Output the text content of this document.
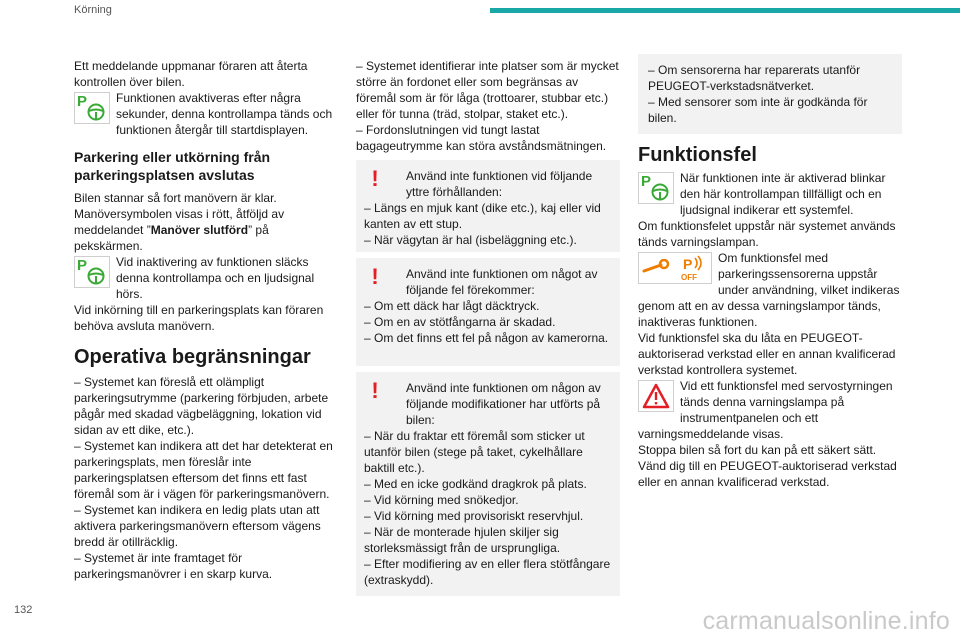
Körning

Ett meddelande uppmanar föraren att återta kontrollen över bilen.

P	Funktionen avaktiveras efter några sekunder, denna kontrollampa tänds och funktionen återgår till startdisplayen.

Parkering eller utkörning från parkeringsplatsen avslutas

Bilen stannar så fort manövern är klar. Manöversymbolen visas i rött, åtföljd av meddelandet ”Manöver slutförd” på pekskärmen.

P	Vid inaktivering av funktionen släcks denna kontrollampa och en ljudsignal hörs.

Vid inkörning till en parkeringsplats kan föraren behöva avsluta manövern.

Operativa begränsningar

– Systemet kan föreslå ett olämpligt parkeringsutrymme (parkering förbjuden, arbete pågår med skadad vägbeläggning, lokation vid sidan av ett dike, etc.).

– Systemet kan indikera att det har detekterat en parkeringsplats, men föreslår inte parkeringsplatsen eftersom det finns ett fast föremål som är i vägen för parkeringsmanövern.

– Systemet kan indikera en ledig plats utan att aktivera parkeringsmanövern eftersom vägens bredd är otillräcklig.

– Systemet är inte framtaget för parkeringsmanövrer i en skarp kurva.

– Systemet identifierar inte platser som är mycket större än fordonet eller som begränsas av föremål som är för låga (trottoarer, stubbar etc.) eller för tunna (träd, stolpar, staket etc.).

– Fordonslutningen vid tungt lastat bagageutrymme kan störa avståndsmätningen.

!	Använd inte funktionen vid följande yttre förhållanden:
– Längs en mjuk kant (dike etc.), kaj eller vid kanten av ett stup.
– När vägytan är hal (isbeläggning etc.).
!	Använd inte funktionen om något av följande fel förekommer:
– Om ett däck har lågt däcktryck.
– Om en av stötfångarna är skadad.
– Om det finns ett fel på någon av kamerorna.
!	Använd inte funktionen om någon av följande modifikationer har utförts på bilen:
– När du fraktar ett föremål som sticker ut utanför bilen (stege på taket, cykelhållare baktill etc.).
– Med en icke godkänd dragkrok på plats.
– Vid körning med snökedjor.
– Vid körning med provisoriskt reservhjul.
– När de monterade hjulen skiljer sig storleksmässigt från de ursprungliga.
– Efter modifiering av en eller flera stötfångare (extraskydd).
– Om sensorerna har reparerats utanför PEUGEOT-verkstadsnätverket.
– Med sensorer som inte är godkända för bilen.

Funktionsfel

P	När funktionen inte är aktiverad blinkar den här kontrollampan tillfälligt och en ljudsignal indikerar ett systemfel.

Om funktionsfelet uppstår när systemet används tänds varningslampan.

P
OFF

Om funktionsfel med parkeringssensorerna uppstår under användning, vilket indikeras genom att en av dessa varningslampor tänds, inaktiveras funktionen.

Vid funktionsfel ska du låta en PEUGEOT-auktoriserad verkstad eller en annan kvalificerad verkstad kontrollera systemet.

Vid ett funktionsfel med servostyrningen tänds denna varningslampa på instrumentpanelen och ett varningsmeddelande visas.

Stoppa bilen så fort du kan på ett säkert sätt.

Vänd dig till en PEUGEOT-auktoriserad verkstad eller en annan kvalificerad verkstad.

132	carmanualsonline.info
